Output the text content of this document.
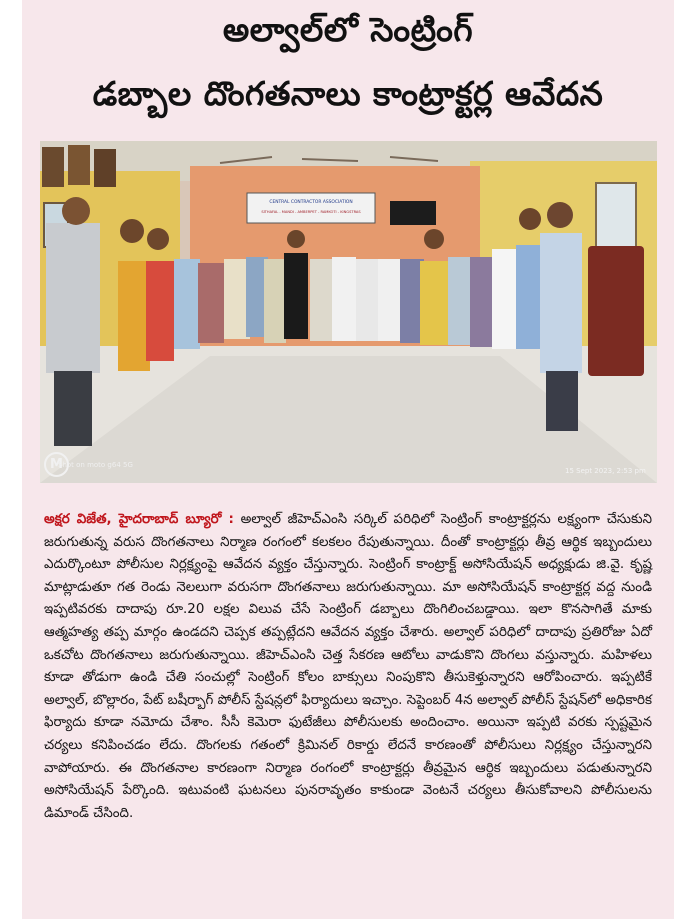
అల్వాల్‌లో సెంట్రింగ్
డబ్బాల దొంగతనాలు కాంట్రాక్టర్ల ఆవేదన
CENTRAL CONTRACTOR ASSOCIATION
SITHAFAL - MANDI - AMBERPET - RAMKOTI - KINGSTRAS
M
Shot on moto g64 5G
15 Sept 2023, 2:53 pm
అక్షర విజేత, హైదరాబాద్ బ్యూరో : అల్వాల్ జీహెచ్‌ఎంసి సర్కిల్ పరిధిలో సెంట్రింగ్ కాంట్రాక్టర్లను లక్ష్యంగా చేసుకుని జరుగుతున్న వరుస దొంగతనాలు నిర్మాణ రంగంలో కలకలం రేపుతున్నాయి. దీంతో కాంట్రాక్టర్లు తీవ్ర ఆర్థిక ఇబ్బందులు ఎదుర్కొంటూ పోలీసుల నిర్లక్ష్యంపై ఆవేదన వ్యక్తం చేస్తున్నారు. సెంట్రింగ్ కాంట్రాక్ట్ అసోసియేషన్ అధ్యక్షుడు జి.వై. కృష్ణ మాట్లాడుతూ గత రెండు నెలలుగా వరుసగా దొంగతనాలు జరుగుతున్నాయి. మా అసోసియేషన్ కాంట్రాక్టర్ల వద్ద నుండి ఇప్పటివరకు దాదాపు రూ.20 లక్షల విలువ చేసే సెంట్రింగ్ డబ్బాలు దొంగిలించబడ్డాయి. ఇలా కొనసాగితే మాకు ఆత్మహత్య తప్ప మార్గం ఉండదని చెప్పక తప్పట్లేదని ఆవేదన వ్యక్తం చేశారు. అల్వాల్ పరిధిలో దాదాపు ప్రతిరోజు ఏదో ఒకచోట దొంగతనాలు జరుగుతున్నాయి. జీహెచ్‌ఎంసి చెత్త సేకరణ ఆటోలు వాడుకొని దొంగలు వస్తున్నారు. మహిళలు కూడా తోడుగా ఉండి చేతి సంచుల్లో సెంట్రింగ్ కోలం బాక్సులు నింపుకొని తీసుకెళ్తున్నారని ఆరోపించారు. ఇప్పటికే అల్వాల్, బొల్లారం, పేట్ బషీర్బాగ్ పోలీస్ స్టేషన్లలో ఫిర్యాదులు ఇచ్చాం. సెప్టెంబర్ 4న అల్వాల్ పోలీస్ స్టేషన్‌లో అధికారిక ఫిర్యాదు కూడా నమోదు చేశాం. సీసీ కెమెరా ఫుటేజీలు పోలీసులకు అందించాం. అయినా ఇప్పటి వరకు స్పష్టమైన చర్యలు కనిపించడం లేదు. దొంగలకు గతంలో క్రిమినల్ రికార్డు లేదనే కారణంతో పోలీసులు నిర్లక్ష్యం చేస్తున్నారని వాపోయారు. ఈ దొంగతనాల కారణంగా నిర్మాణ రంగంలో కాంట్రాక్టర్లు తీవ్రమైన ఆర్థిక ఇబ్బందులు పడుతున్నారని అసోసియేషన్ పేర్కొంది. ఇటువంటి ఘటనలు పునరావృతం కాకుండా వెంటనే చర్యలు తీసుకోవాలని పోలీసులను డిమాండ్ చేసింది.
